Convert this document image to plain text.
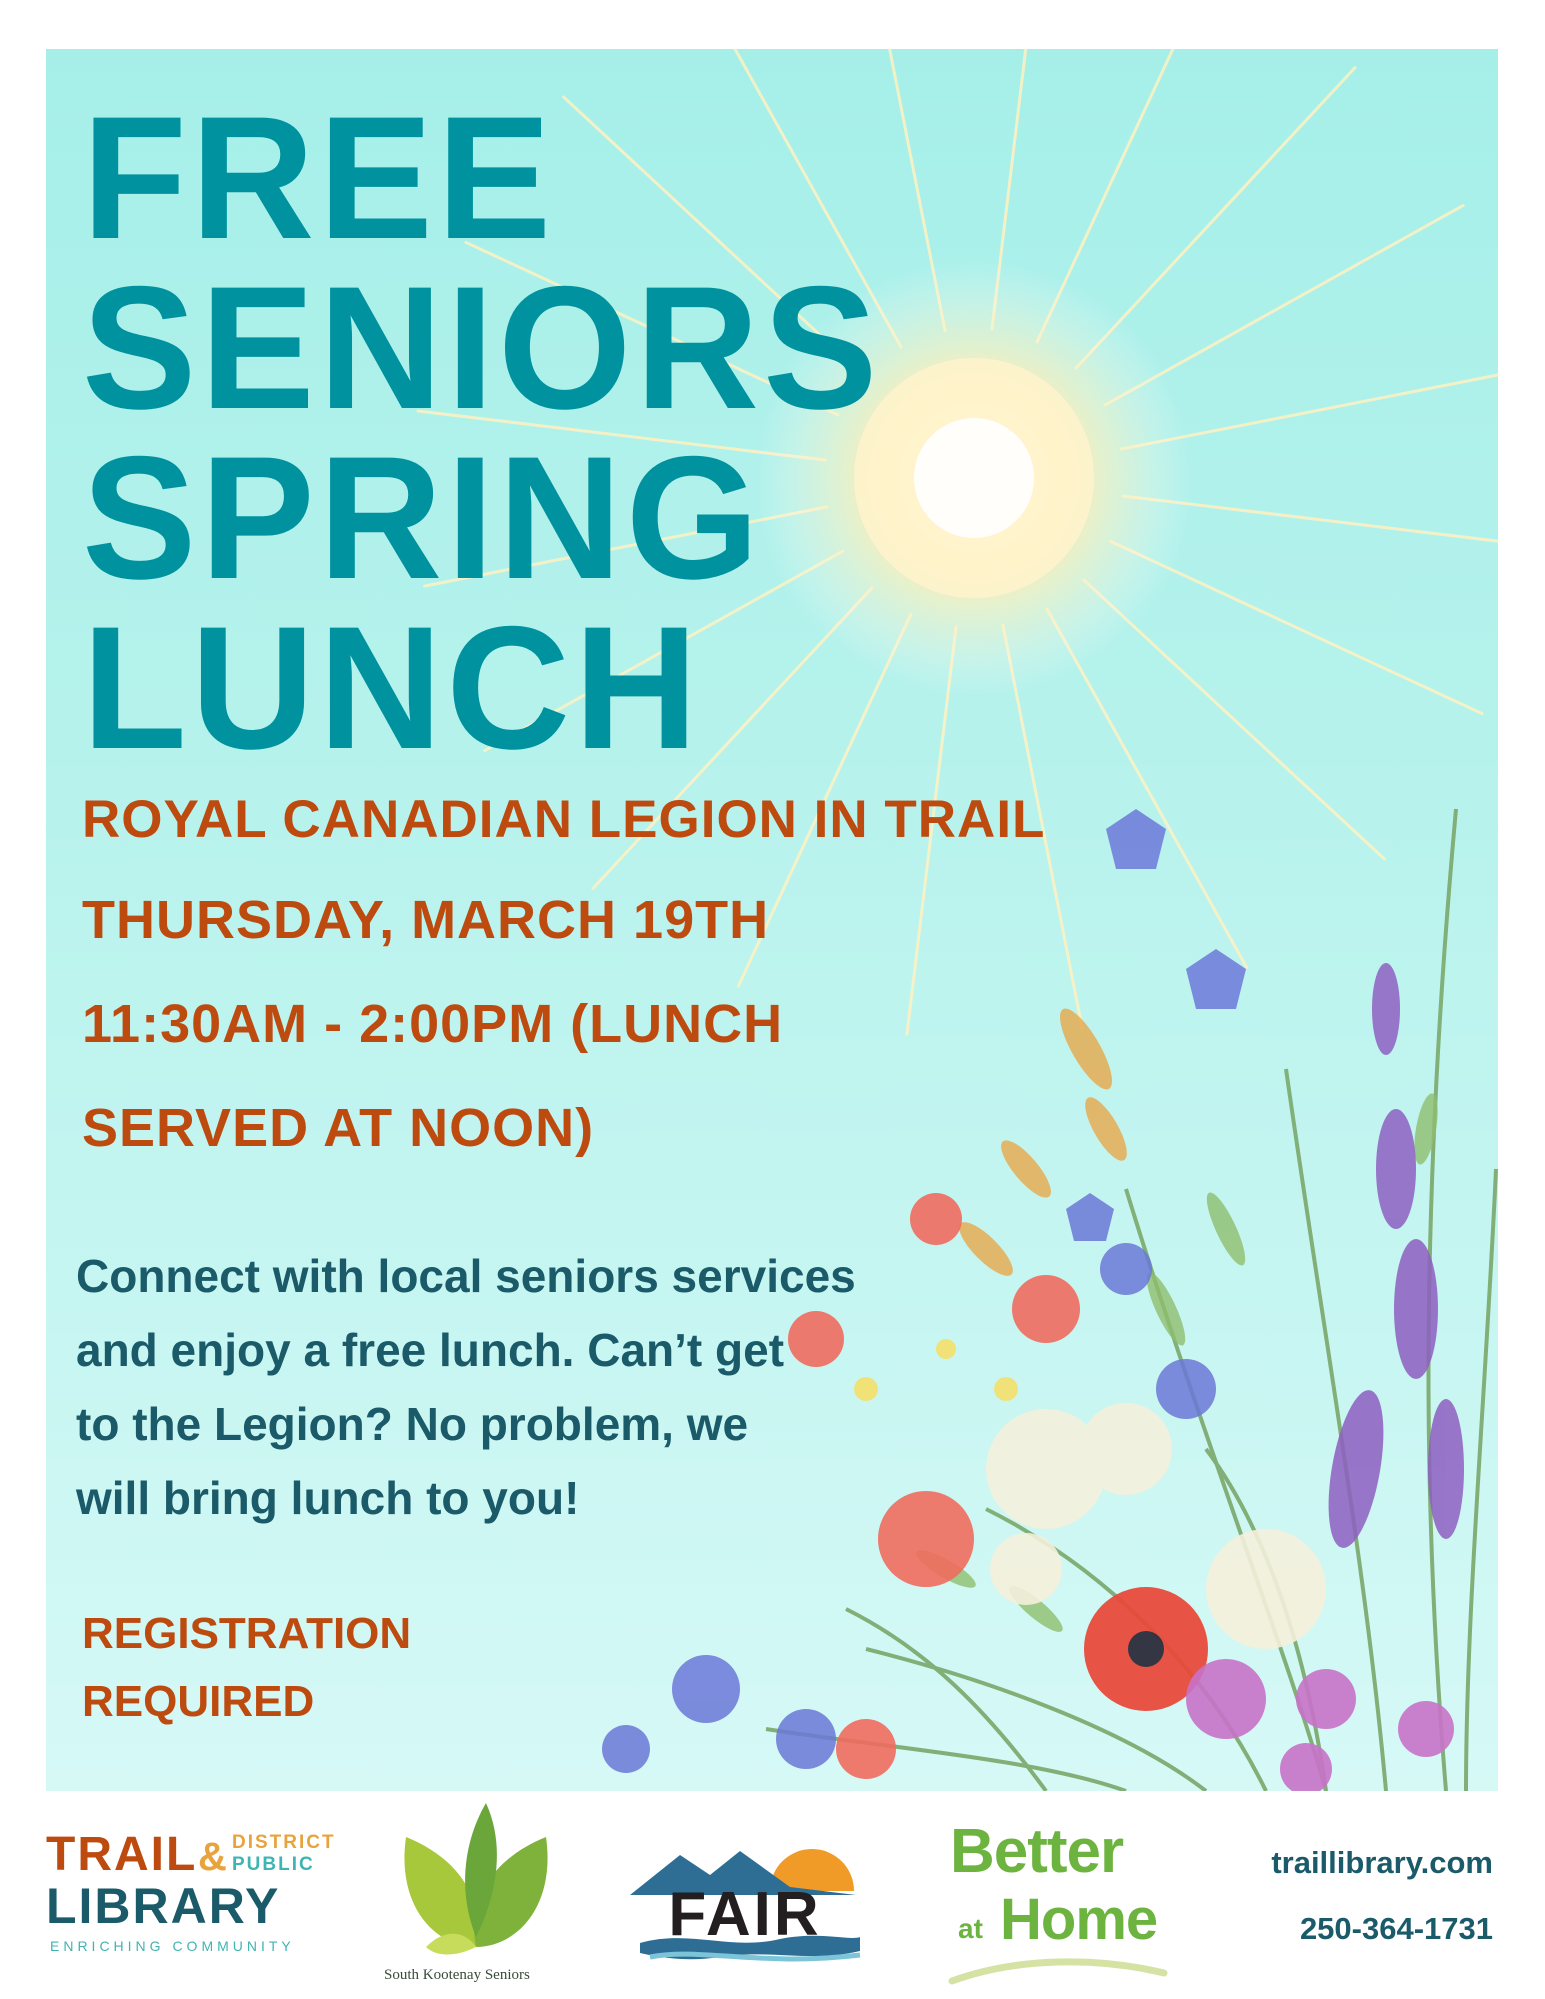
FREE
SENIORS
SPRING
LUNCH
ROYAL CANADIAN LEGION IN TRAIL
THURSDAY, MARCH 19TH
11:30AM - 2:00PM (LUNCH
SERVED AT NOON)
Connect with local seniors services
and enjoy a free lunch. Can’t get
to the Legion? No problem, we
will bring lunch to you!
REGISTRATION
REQUIRED
TRAIL & DISTRICT
PUBLIC
LIBRARY
ENRICHING COMMUNITY
South Kootenay Seniors
FAIR
Better
at Home
traillibrary.com
250-364-1731
